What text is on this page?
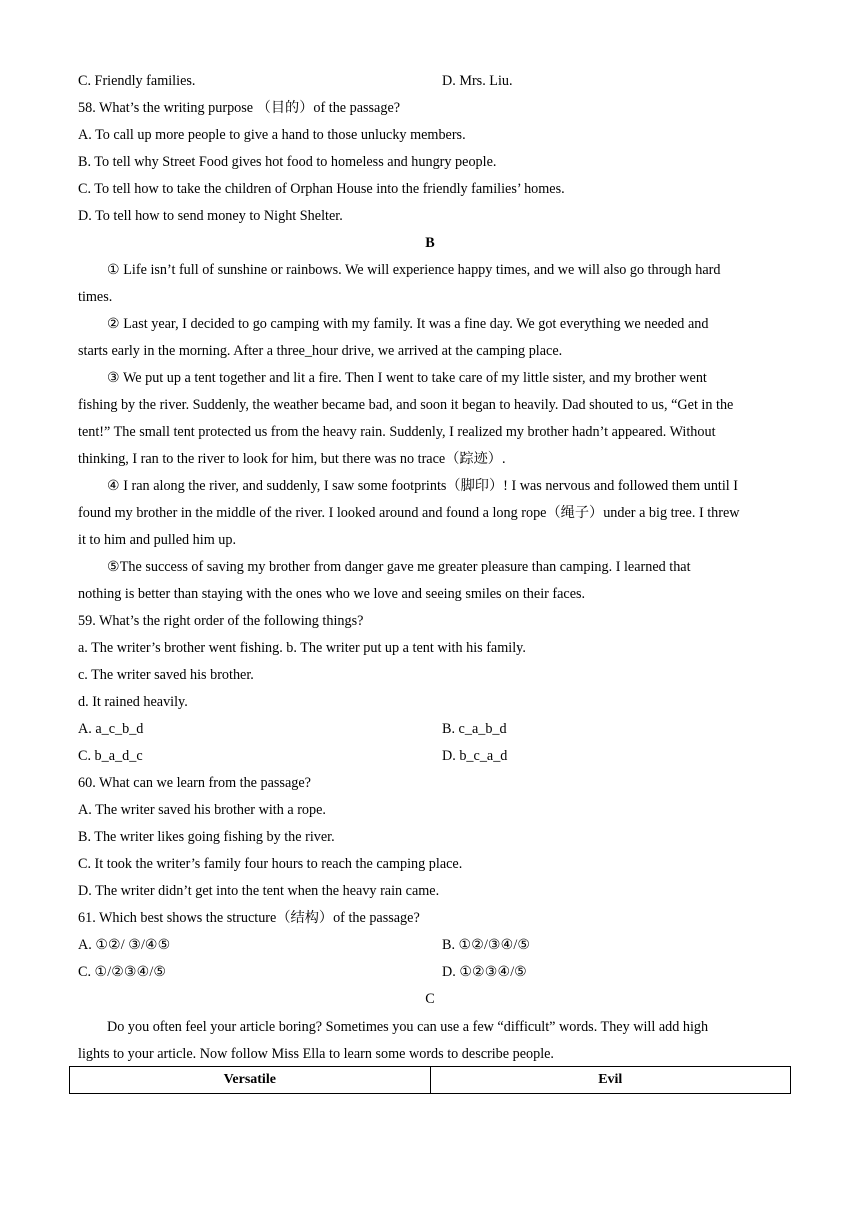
C. Friendly families.	D. Mrs. Liu.
58. What’s the writing purpose （目的）of the passage?
A. To call up more people to give a hand to those unlucky members.
B. To tell why Street Food gives hot food to homeless and hungry people.
C. To tell how to take the children of Orphan House into the friendly families’ homes.
D. To tell how to send money to Night Shelter.
B
① Life isn’t full of sunshine or rainbows. We will experience happy times, and we will also go through hard
times.
② Last year, I decided to go camping with my family. It was a fine day. We got everything we needed and
starts early in the morning. After a three_hour drive, we arrived at the camping place.
③ We put up a tent together and lit a fire. Then I went to take care of my little sister, and my brother went
fishing by the river. Suddenly, the weather became bad, and soon it began to heavily. Dad shouted to us, “Get in the
tent!” The small tent protected us from the heavy rain. Suddenly, I realized my brother hadn’t appeared. Without
thinking, I ran to the river to look for him, but there was no trace（踪迹）.
④ I ran along the river, and suddenly, I saw some footprints（脚印）! I was nervous and followed them until I
found my brother in the middle of the river. I looked around and found a long rope（绳子）under a big tree. I threw
it to him and pulled him up.
⑤The success of saving my brother from danger gave me greater pleasure than camping. I learned that
nothing is better than staying with the ones who we love and seeing smiles on their faces.
59. What’s the right order of the following things?
a. The writer’s brother went fishing. b. The writer put up a tent with his family.
c. The writer saved his brother.
d. It rained heavily.
A. a_c_b_d	B. c_a_b_d
C. b_a_d_c	D. b_c_a_d
60. What can we learn from the passage?
A. The writer saved his brother with a rope.
B. The writer likes going fishing by the river.
C. It took the writer’s family four hours to reach the camping place.
D. The writer didn’t get into the tent when the heavy rain came.
61. Which best shows the structure（结构）of the passage?
A. ①②/ ③/④⑤	B. ①②/③④/⑤
C. ①/②③④/⑤	D. ①②③④/⑤
C
Do you often feel your article boring? Sometimes you can use a few “difficult” words. They will add high
lights to your article. Now follow Miss Ella to learn some words to describe people.
Versatile	Evil
